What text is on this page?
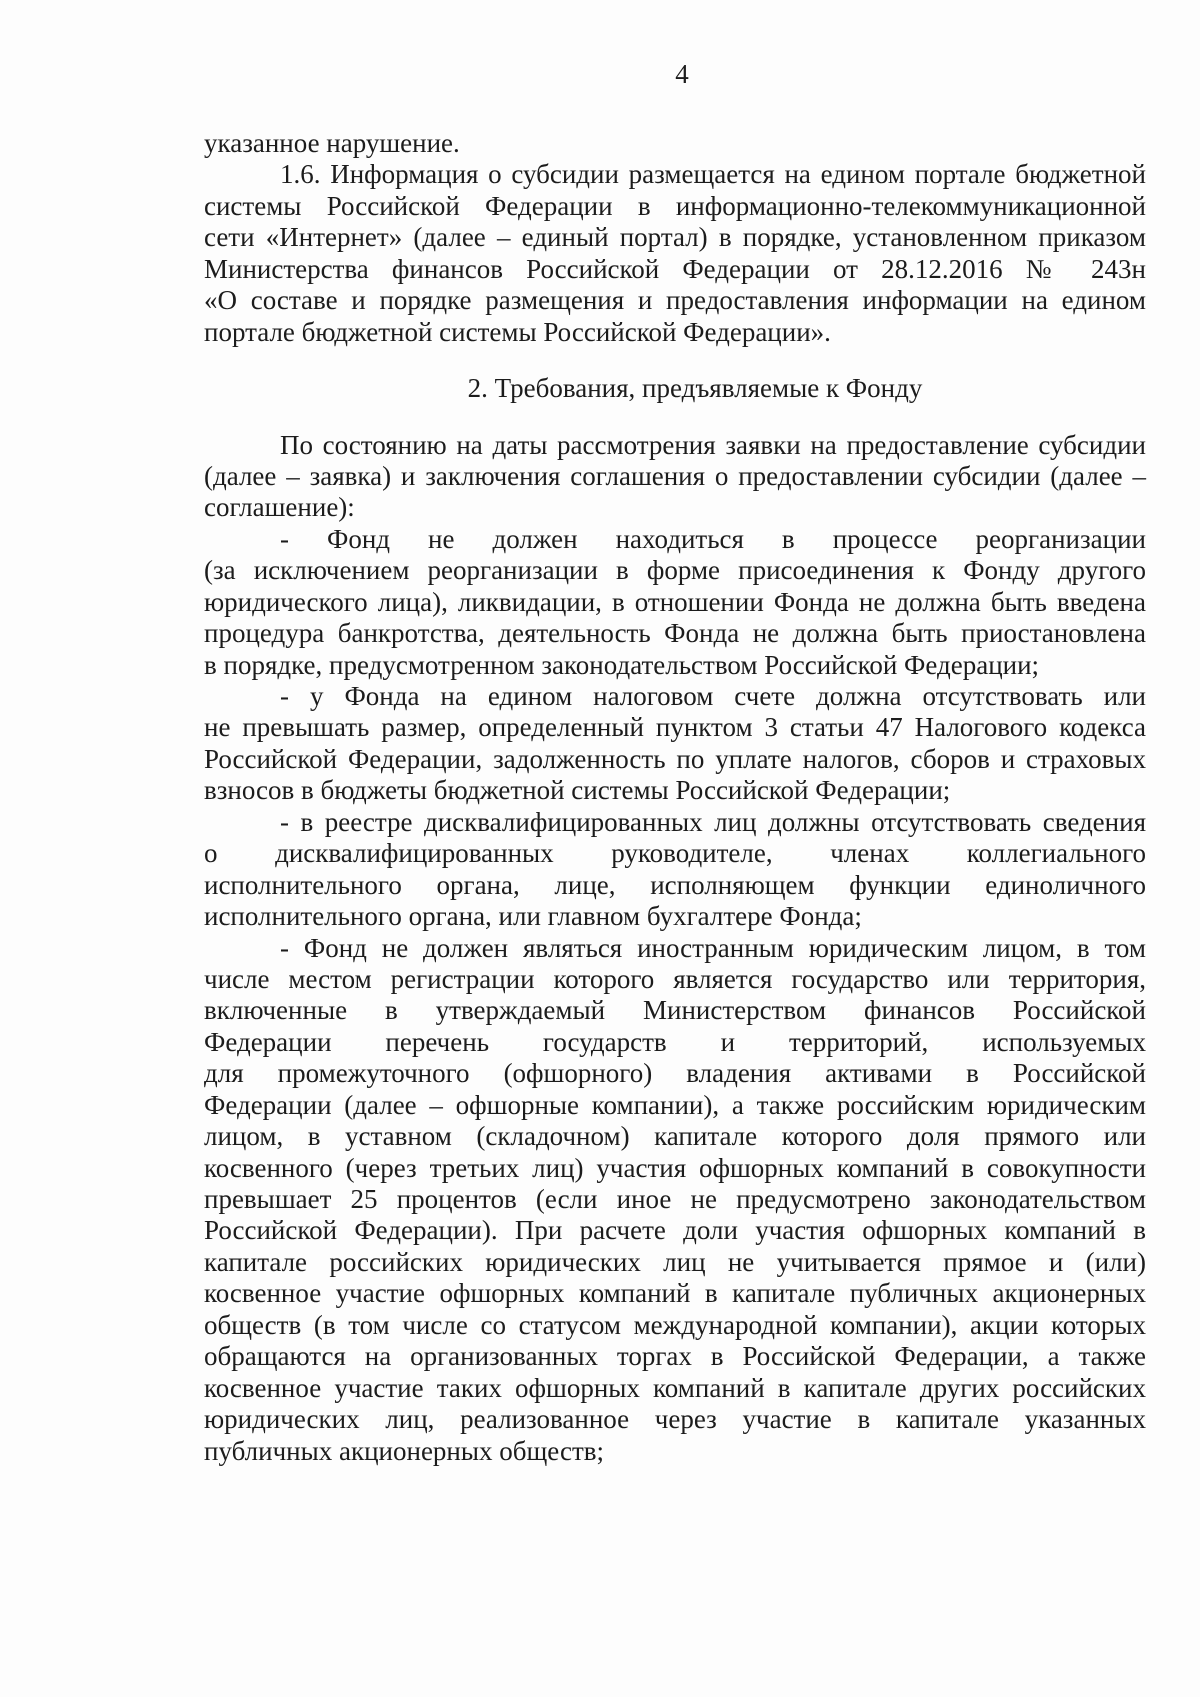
4
указанное нарушение.
1.6. Информация о субсидии размещается на едином портале бюджетной
системы Российской Федерации в информационно-телекоммуникационной
сети «Интернет» (далее – единый портал) в порядке, установленном приказом
Министерства финансов Российской Федерации от 28.12.2016 № 243н
«О составе и порядке размещения и предоставления информации на едином
портале бюджетной системы Российской Федерации».
2. Требования, предъявляемые к Фонду
По состоянию на даты рассмотрения заявки на предоставление субсидии
(далее – заявка) и заключения соглашения о предоставлении субсидии (далее –
соглашение):
- Фонд не должен находиться в процессе реорганизации
(за исключением реорганизации в форме присоединения к Фонду другого
юридического лица), ликвидации, в отношении Фонда не должна быть введена
процедура банкротства, деятельность Фонда не должна быть приостановлена
в порядке, предусмотренном законодательством Российской Федерации;
- у Фонда на едином налоговом счете должна отсутствовать или
не превышать размер, определенный пунктом 3 статьи 47 Налогового кодекса
Российской Федерации, задолженность по уплате налогов, сборов и страховых
взносов в бюджеты бюджетной системы Российской Федерации;
- в реестре дисквалифицированных лиц должны отсутствовать сведения
о дисквалифицированных руководителе, членах коллегиального
исполнительного органа, лице, исполняющем функции единоличного
исполнительного органа, или главном бухгалтере Фонда;
- Фонд не должен являться иностранным юридическим лицом, в том
числе местом регистрации которого является государство или территория,
включенные в утверждаемый Министерством финансов Российской
Федерации перечень государств и территорий, используемых
для промежуточного (офшорного) владения активами в Российской
Федерации (далее – офшорные компании), а также российским юридическим
лицом, в уставном (складочном) капитале которого доля прямого или
косвенного (через третьих лиц) участия офшорных компаний в совокупности
превышает 25 процентов (если иное не предусмотрено законодательством
Российской Федерации). При расчете доли участия офшорных компаний в
капитале российских юридических лиц не учитывается прямое и (или)
косвенное участие офшорных компаний в капитале публичных акционерных
обществ (в том числе со статусом международной компании), акции которых
обращаются на организованных торгах в Российской Федерации, а также
косвенное участие таких офшорных компаний в капитале других российских
юридических лиц, реализованное через участие в капитале указанных
публичных акционерных обществ;
